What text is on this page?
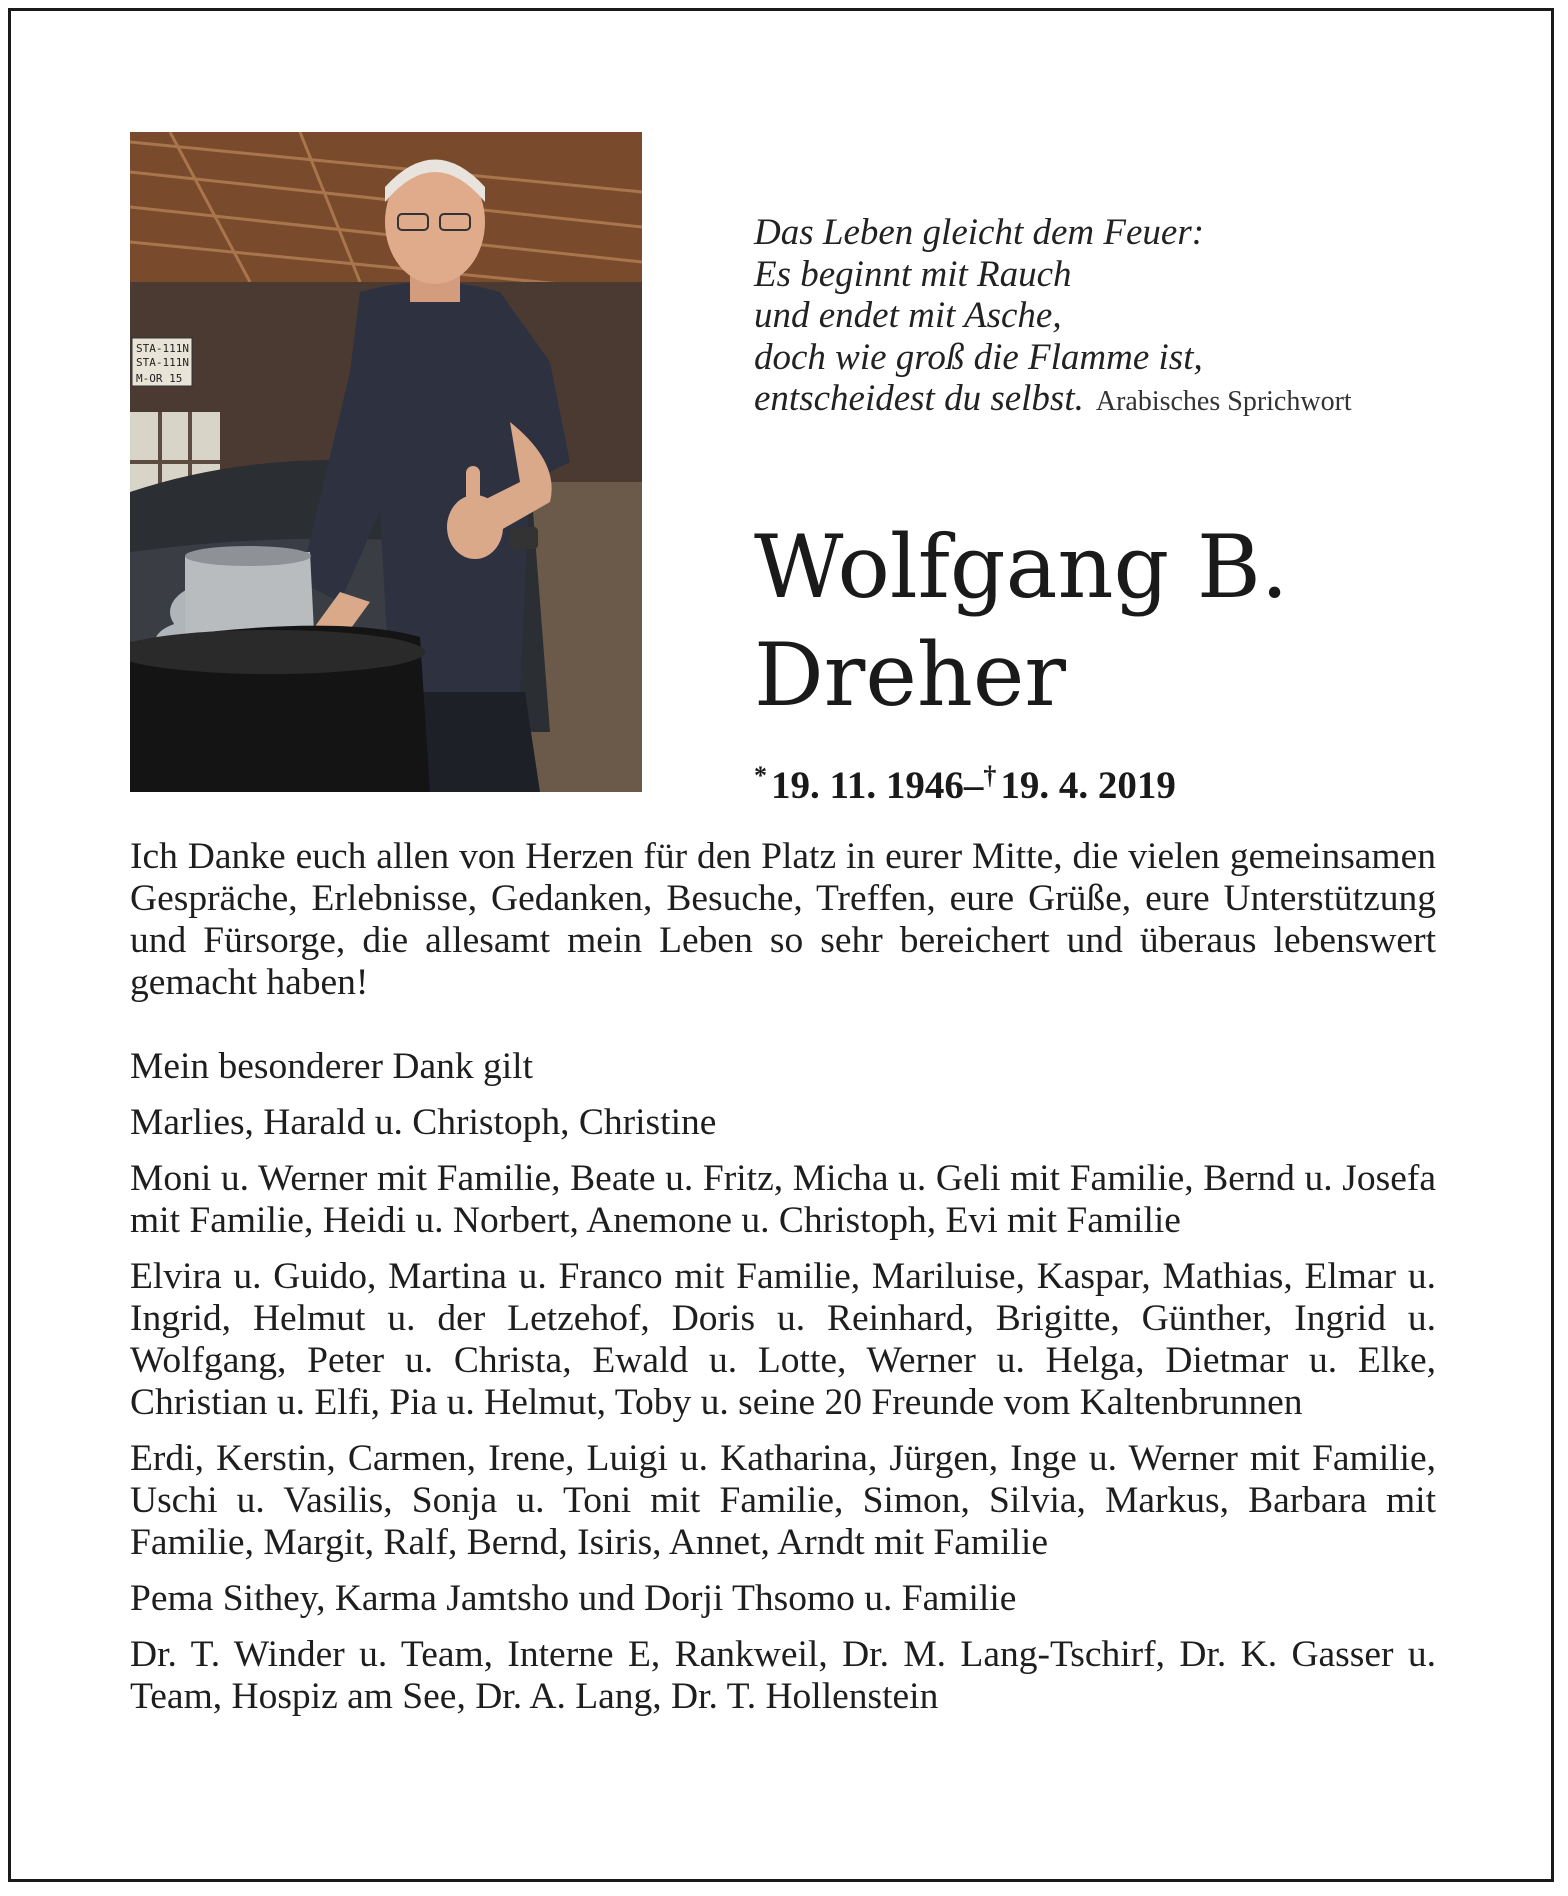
STA-111N
STA-111N
M-OR 15
Das Leben gleicht dem Feuer:
Es beginnt mit Rauch
und endet mit Asche,
doch wie groß die Flamme ist,
entscheidest du selbst. Arabisches Sprichwort
Wolfgang B.
Dreher
* 19. 11. 1946–† 19. 4. 2019

Ich Danke euch allen von Herzen für den Platz in eurer Mitte, die vielen gemeinsamen Gespräche, Erlebnisse, Gedanken, Besuche, Treffen, eure Grüße, eure Unterstützung und Fürsorge, die allesamt mein Leben so sehr bereichert und überaus lebenswert gemacht haben!

Mein besonderer Dank gilt

Marlies, Harald u. Christoph, Christine

Moni u. Werner mit Familie, Beate u. Fritz, Micha u. Geli mit Familie, Bernd u. Josefa mit Familie, Heidi u. Norbert, Anemone u. Christoph, Evi mit Familie

Elvira u. Guido, Martina u. Franco mit Familie, Mariluise, Kaspar, Mathias, Elmar u. Ingrid, Helmut u. der Letzehof, Doris u. Reinhard, Brigitte, Günther, Ingrid u. Wolfgang, Peter u. Christa, Ewald u. Lotte, Werner u. Helga, Dietmar u. Elke, Christian u. Elfi, Pia u. Helmut, Toby u. seine 20 Freunde vom Kaltenbrunnen

Erdi, Kerstin, Carmen, Irene, Luigi u. Katharina, Jürgen, Inge u. Werner mit Familie, Uschi u. Vasilis, Sonja u. Toni mit Familie, Simon, Silvia, Markus, Barbara mit Familie, Margit, Ralf, Bernd, Isiris, Annet, Arndt mit Familie

Pema Sithey, Karma Jamtsho und Dorji Thsomo u. Familie

Dr. T. Winder u. Team, Interne E, Rankweil, Dr. M. Lang-Tschirf, Dr. K. Gasser u. Team, Hospiz am See, Dr. A. Lang, Dr. T. Hollenstein
